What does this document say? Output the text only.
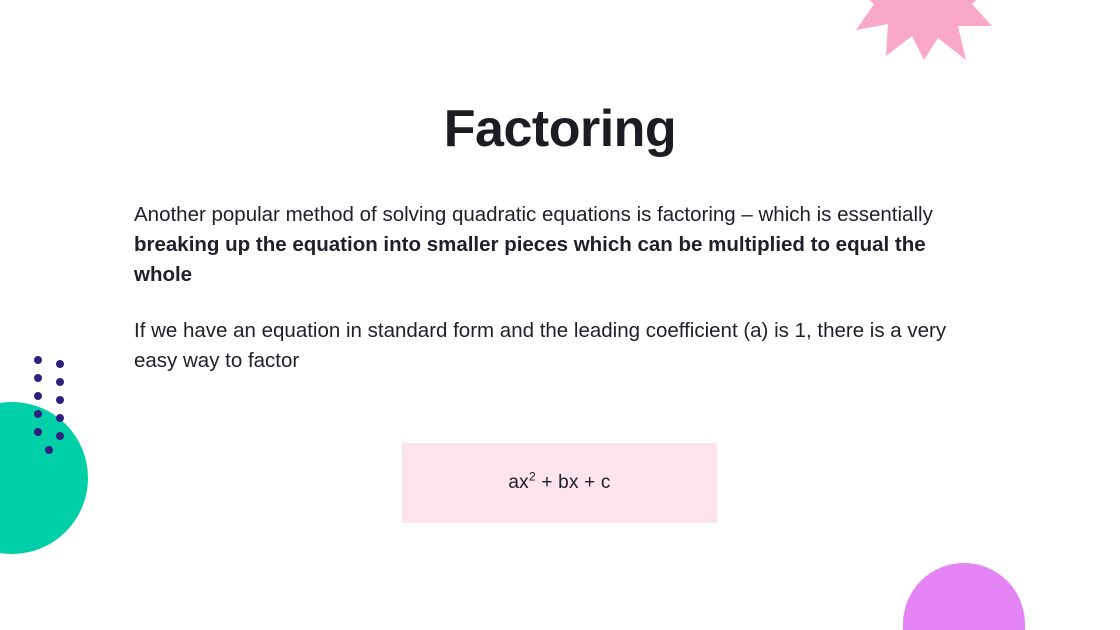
Factoring

Another popular method of solving quadratic equations is factoring – which is essentially breaking up the equation into smaller pieces which can be multiplied to equal the whole

If we have an equation in standard form and the leading coefficient (a) is 1, there is a very easy way to factor

$ax^2$ + bx + c
